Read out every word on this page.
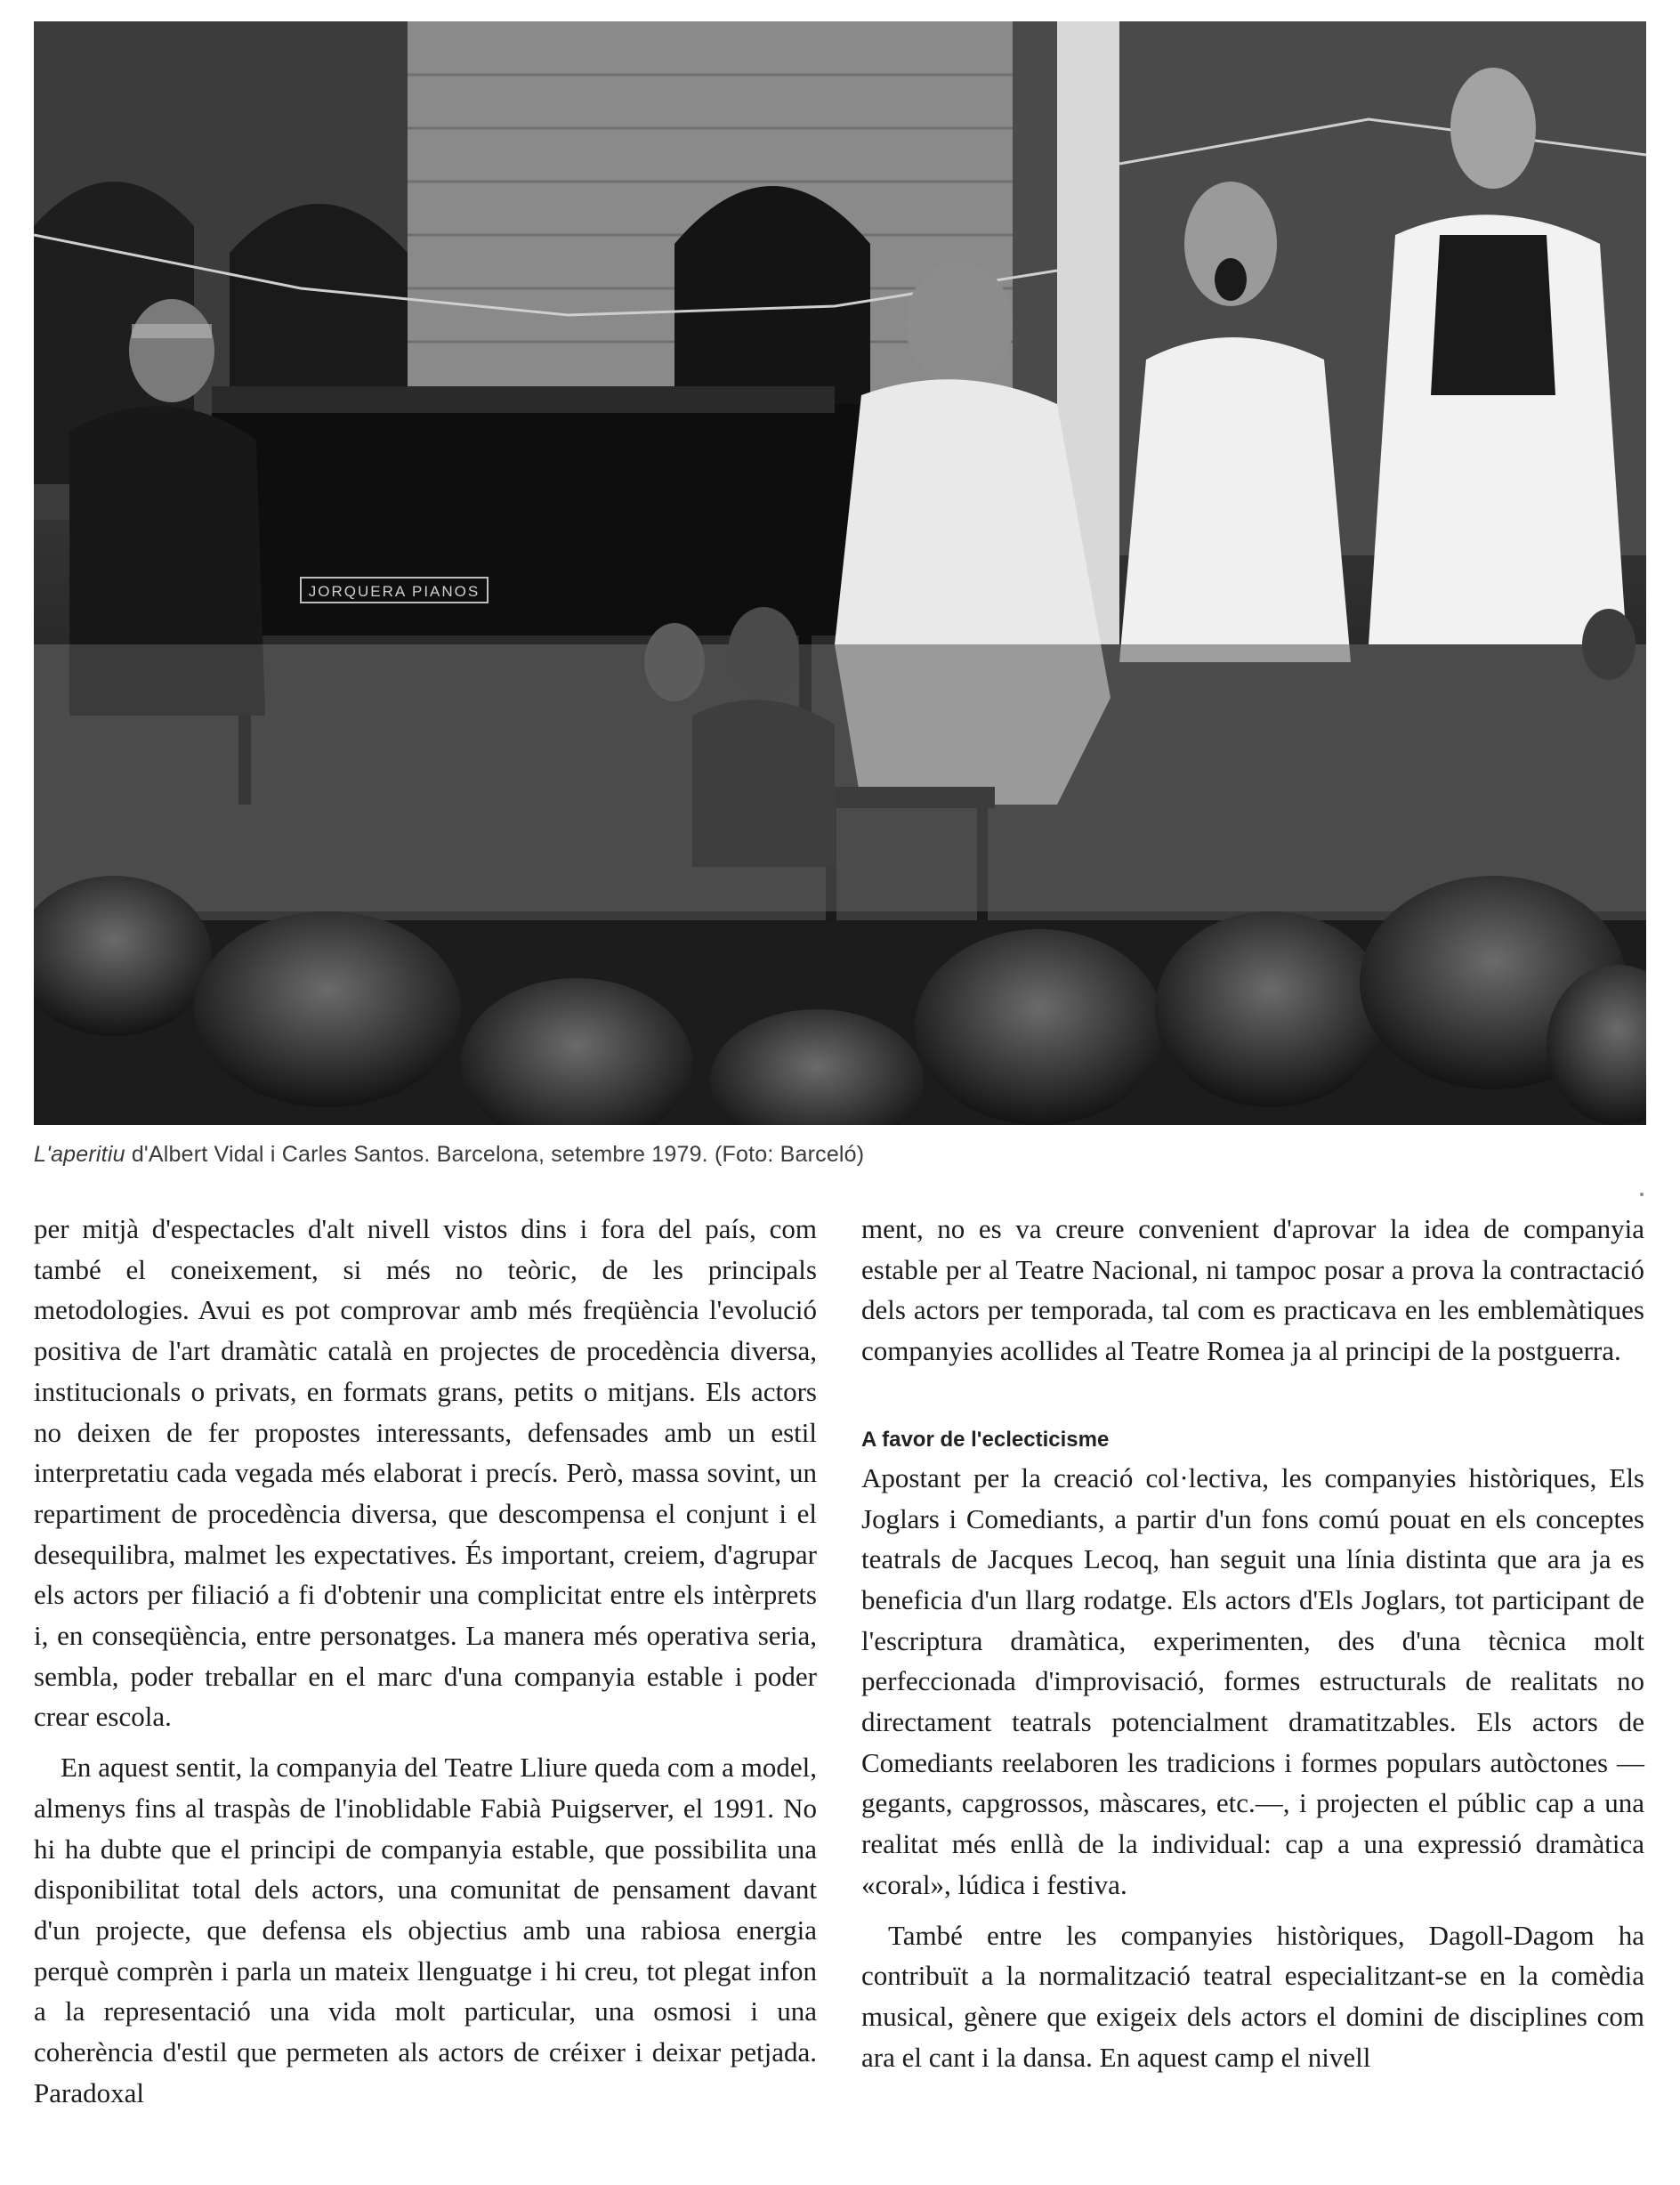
JORQUERA PIANOS

L'aperitiu d'Albert Vidal i Carles Santos. Barcelona, setembre 1979. (Foto: Barceló)

per mitjà d'espectacles d'alt nivell vistos dins i fora del país, com també el coneixement, si més no teòric, de les principals metodologies. Avui es pot comprovar amb més freqüència l'evolució positiva de l'art dramàtic català en projectes de procedència diversa, institucionals o privats, en formats grans, petits o mitjans. Els actors no deixen de fer propostes interessants, defensades amb un estil interpretatiu cada vegada més elaborat i precís. Però, massa sovint, un repartiment de procedència diversa, que descompensa el conjunt i el desequilibra, malmet les expectatives. És important, creiem, d'agrupar els actors per filiació a fi d'obtenir una complicitat entre els intèrprets i, en conseqüència, entre personatges. La manera més operativa seria, sembla, poder treballar en el marc d'una companyia estable i poder crear escola.

En aquest sentit, la companyia del Teatre Lliure queda com a model, almenys fins al traspàs de l'inoblidable Fabià Puigserver, el 1991. No hi ha dubte que el principi de companyia estable, que possibilita una disponibilitat total dels actors, una comunitat de pensament davant d'un projecte, que defensa els objectius amb una rabiosa energia perquè comprèn i parla un mateix llenguatge i hi creu, tot plegat infon a la representació una vida molt particular, una osmosi i una coherència d'estil que permeten als actors de créixer i deixar petjada. Paradoxal

ment, no es va creure convenient d'aprovar la idea de companyia estable per al Teatre Nacional, ni tampoc posar a prova la contractació dels actors per temporada, tal com es practicava en les emblemàtiques companyies acollides al Teatre Romea ja al principi de la postguerra.

A favor de l'eclecticisme

Apostant per la creació col·lectiva, les companyies històriques, Els Joglars i Comediants, a partir d'un fons comú pouat en els conceptes teatrals de Jacques Lecoq, han seguit una línia distinta que ara ja es beneficia d'un llarg rodatge. Els actors d'Els Joglars, tot participant de l'escriptura dramàtica, experimenten, des d'una tècnica molt perfeccionada d'improvisació, formes estructurals de realitats no directament teatrals potencialment dramatitzables. Els actors de Comediants reelaboren les tradicions i formes populars autòctones —gegants, capgrossos, màscares, etc.—, i projecten el públic cap a una realitat més enllà de la individual: cap a una expressió dramàtica «coral», lúdica i festiva.

També entre les companyies històriques, Dagoll-Dagom ha contribuït a la normalització teatral especialitzant-se en la comèdia musical, gènere que exigeix dels actors el domini de disciplines com ara el cant i la dansa. En aquest camp el nivell
